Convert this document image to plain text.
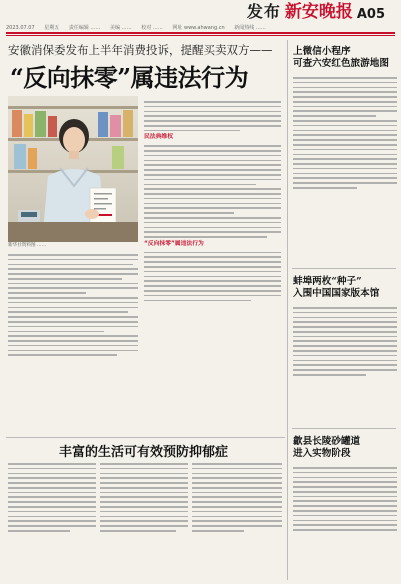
发布 新安晚报 A05
2023.07.07 星期五 责任编辑 …… 美编 …… 校对 …… 网址 www.ahwang.cn 新闻热线 ……
安徽消保委发布上半年消费投诉，提醒买卖双方——
“反向抹零”属违法行为
新华社资料图 ……
民法典维权
“反向抹零”属违法行为
丰富的生活可有效预防抑郁症
上微信小程序
可查六安红色旅游地图
蚌埠两枚“种子”
入围中国国家版本馆
歙县长陵砂罐道
进入实物阶段
